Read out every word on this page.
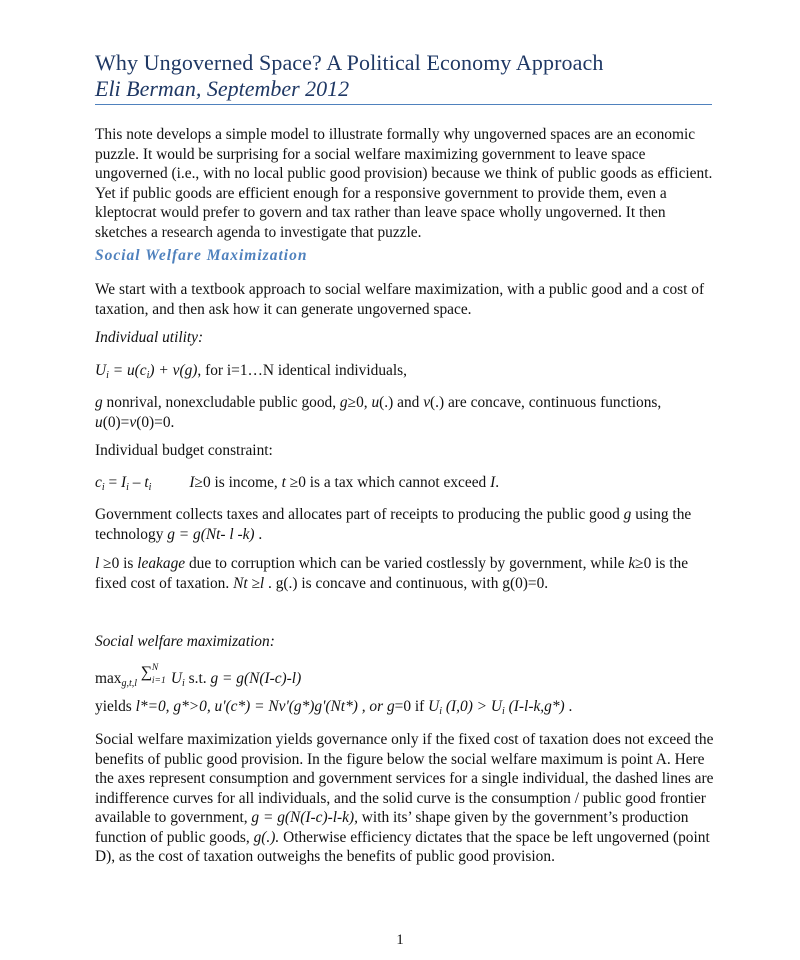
Why Ungoverned Space? A Political Economy Approach
Eli Berman, September 2012

This note develops a simple model to illustrate formally why ungoverned spaces are an economic puzzle. It would be surprising for a social welfare maximizing government to leave space ungoverned (i.e., with no local public good provision) because we think of public goods as efficient. Yet if public goods are efficient enough for a responsive government to provide them, even a kleptocrat would prefer to govern and tax rather than leave space wholly ungoverned. It then sketches a research agenda to investigate that puzzle.

Social Welfare Maximization

We start with a textbook approach to social welfare maximization, with a public good and a cost of taxation, and then ask how it can generate ungoverned space.

Individual utility:

$U_i = u(c_i) + v(g)$, for i=1…N identical individuals,

g nonrival, nonexcludable public good, g≥0, u(.) and v(.) are concave, continuous functions, u(0)=v(0)=0.

Individual budget constraint:

$c_i = I_i - t_i$ I≥0 is income, t ≥0 is a tax which cannot exceed I.

Government collects taxes and allocates part of receipts to producing the public good g using the technology g = g(Nt- l -k) .

l ≥0 is leakage due to corruption which can be varied costlessly by government, while k≥0 is the fixed cost of taxation. Nt ≥l . g(.) is concave and continuous, with g(0)=0.

Social welfare maximization:

$\max_{g,t,l}$
∑ N
i=1 $U_i$ s.t. g = g(N(I-c)-l)

yields l*=0, g*>0, u'(c*) = Nv'(g*)g'(Nt*) , or g=0 if $U_i$ $(I,0) > U_i$ (I-l-k,g*) .

Social welfare maximization yields governance only if the fixed cost of taxation does not exceed the benefits of public good provision. In the figure below the social welfare maximum is point A. Here the axes represent consumption and government services for a single individual, the dashed lines are indifference curves for all individuals, and the solid curve is the consumption / public good frontier available to government, g = g(N(I-c)-l-k), with its’ shape given by the government’s production function of public goods, g(.). Otherwise efficiency dictates that the space be left ungoverned (point D), as the cost of taxation outweighs the benefits of public good provision.

1
